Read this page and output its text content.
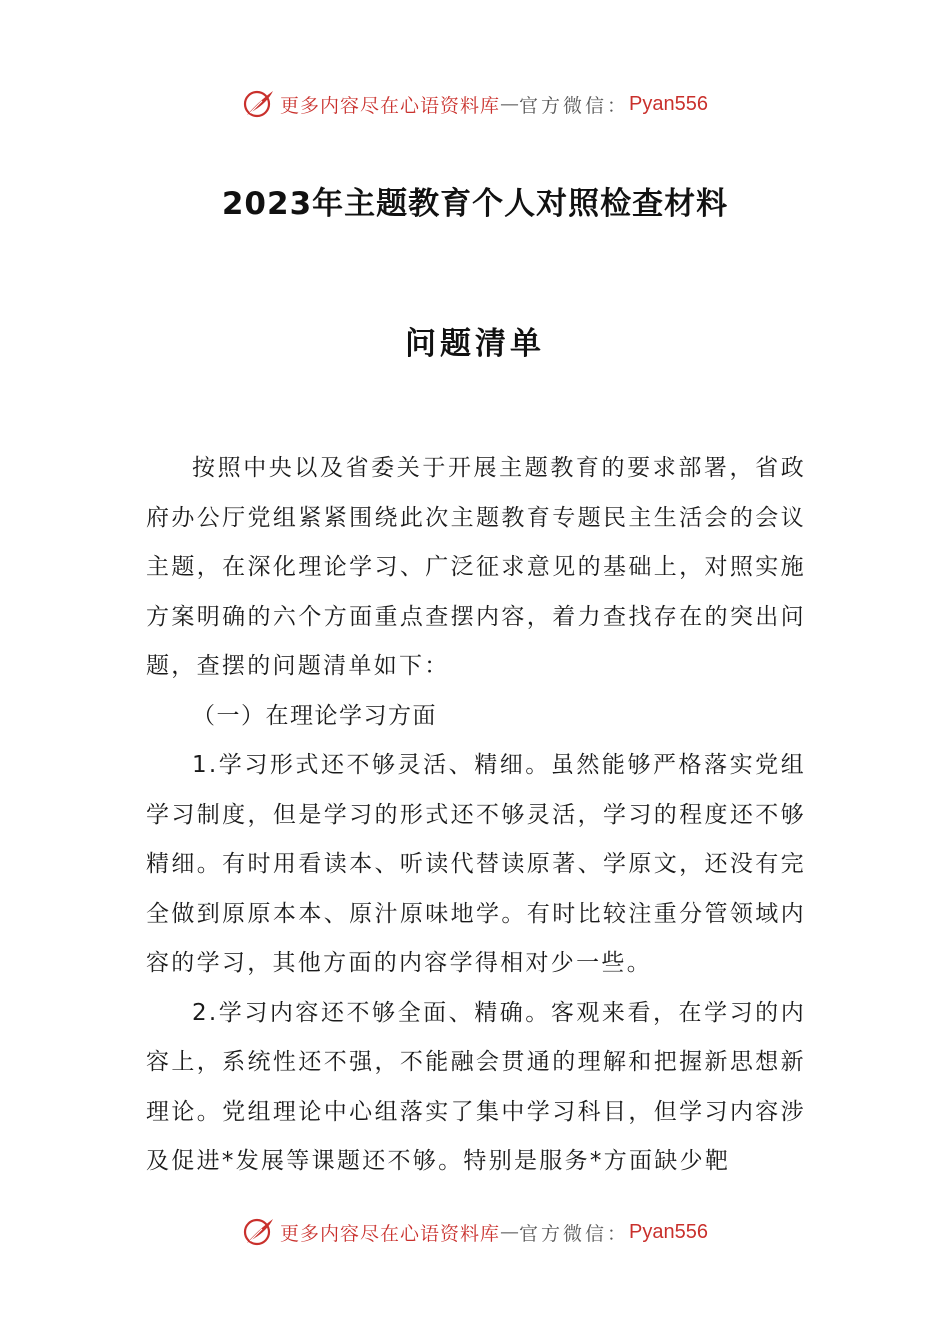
更多内容尽在心语资料库 — 官方微信： Pyan556
2023年主题教育个人对照检查材料
问题清单

按照中央以及省委关于开展主题教育的要求部署，省政府办公厅党组紧紧围绕此次主题教育专题民主生活会的会议主题，在深化理论学习、广泛征求意见的基础上，对照实施方案明确的六个方面重点查摆内容，着力查找存在的突出问题，查摆的问题清单如下：

（一）在理论学习方面

1.学习形式还不够灵活、精细。虽然能够严格落实党组学习制度，但是学习的形式还不够灵活，学习的程度还不够精细。有时用看读本、听读代替读原著、学原文，还没有完全做到原原本本、原汁原味地学。有时比较注重分管领域内容的学习，其他方面的内容学得相对少一些。

2.学习内容还不够全面、精确。客观来看，在学习的内容上，系统性还不强，不能融会贯通的理解和把握新思想新理论。党组理论中心组落实了集中学习科目，但学习内容涉及促进*发展等课题还不够。特别是服务*方面缺少靶

更多内容尽在心语资料库 — 官方微信： Pyan556
